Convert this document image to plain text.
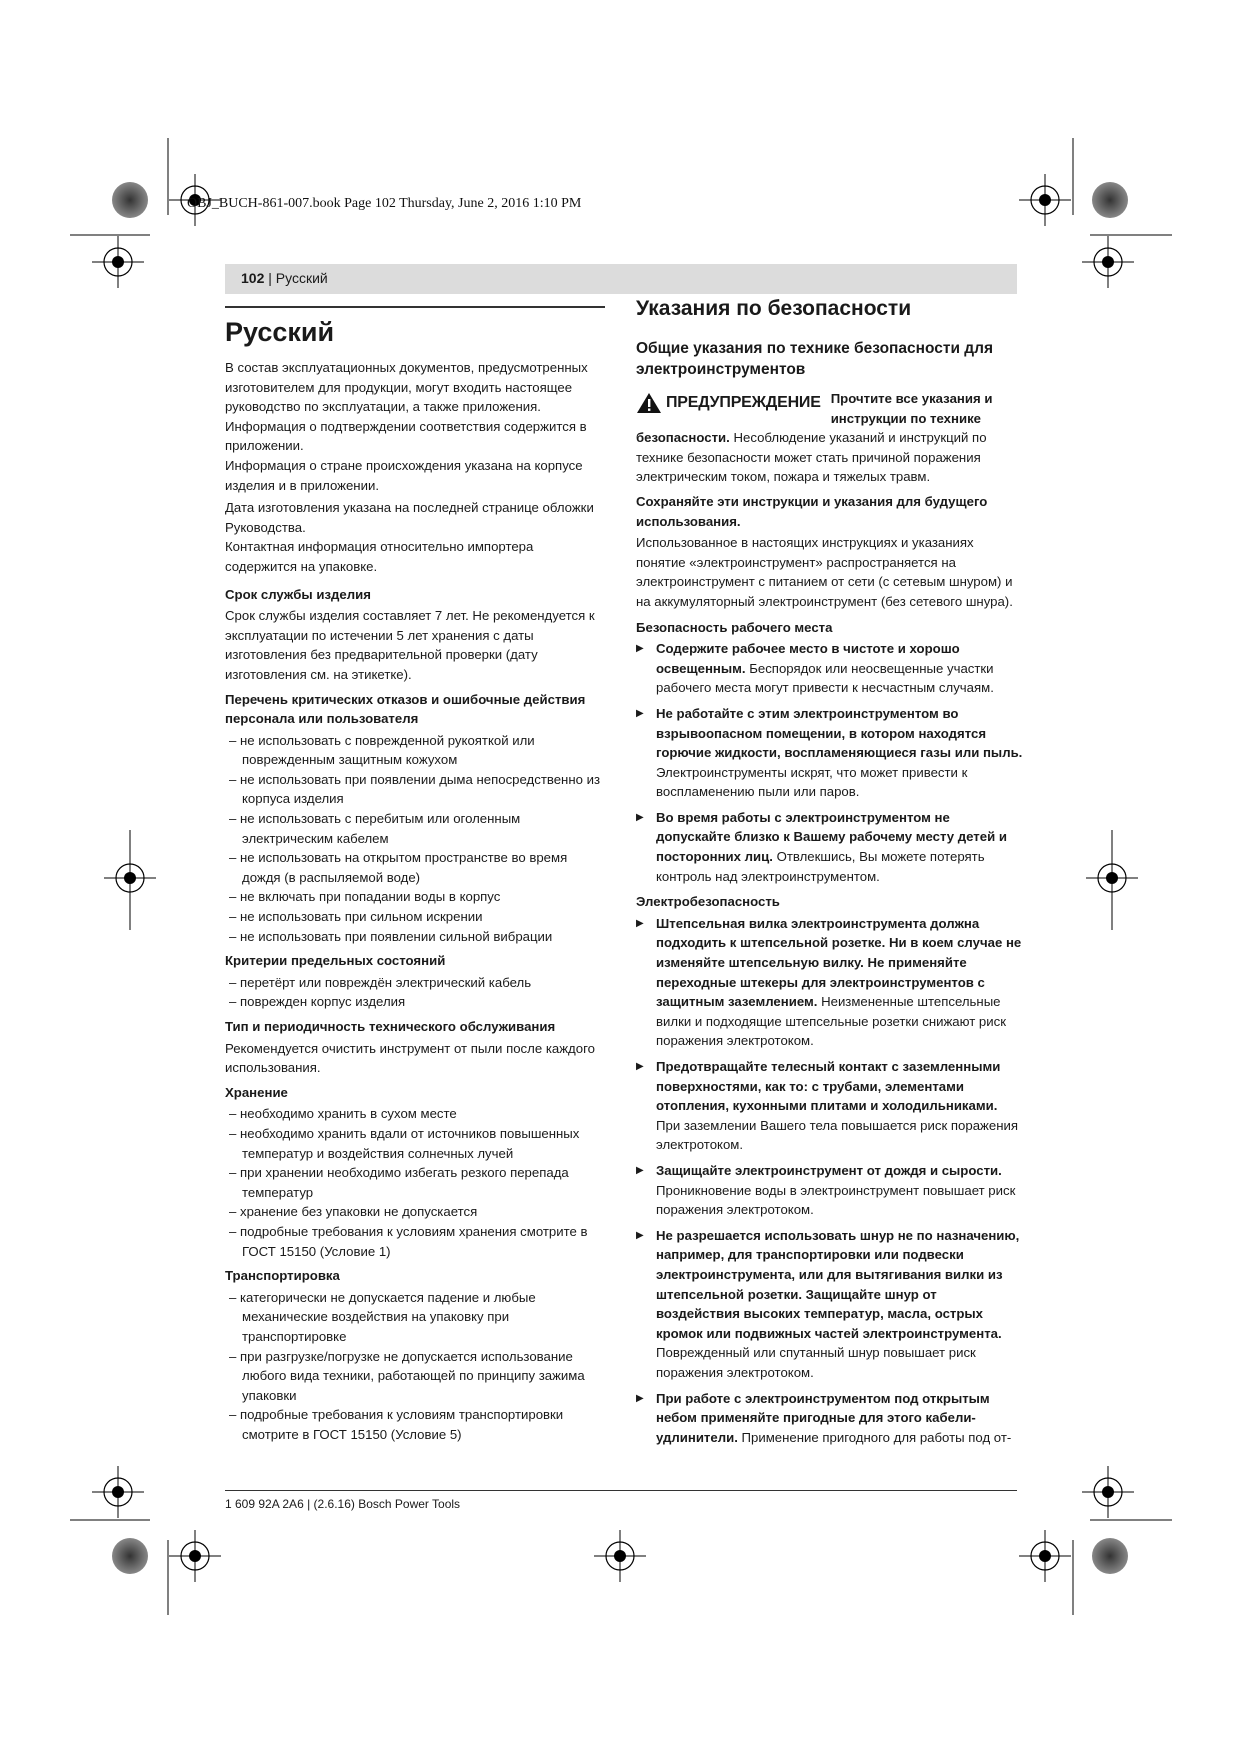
OBJ_BUCH-861-007.book Page 102 Thursday, June 2, 2016 1:10 PM
102 | Русский
Русский

В состав эксплуатационных документов, предусмотренных изготовителем для продукции, могут входить настоящее руководство по эксплуатации, а также приложения.

Информация о подтверждении соответствия содержится в приложении.

Информация о стране происхождения указана на корпусе изделия и в приложении.

Дата изготовления указана на последней странице обложки Руководства.

Контактная информация относительно импортера содержится на упаковке.

Срок службы изделия

Срок службы изделия составляет 7 лет. Не рекомендуется к эксплуатации по истечении 5 лет хранения с даты изготовления без предварительной проверки (дату изготовления см. на этикетке).

Перечень критических отказов и ошибочные действия персонала или пользователя
– не использовать с поврежденной рукояткой или поврежденным защитным кожухом
– не использовать при появлении дыма непосредственно из корпуса изделия
– не использовать с перебитым или оголенным электрическим кабелем
– не использовать на открытом пространстве во время дождя (в распыляемой воде)
– не включать при попадании воды в корпус
– не использовать при сильном искрении
– не использовать при появлении сильной вибрации
Критерии предельных состояний
– перетёрт или повреждён электрический кабель
– поврежден корпус изделия
Тип и периодичность технического обслуживания

Рекомендуется очистить инструмент от пыли после каждого использования.

Хранение
– необходимо хранить в сухом месте
– необходимо хранить вдали от источников повышенных температур и воздействия солнечных лучей
– при хранении необходимо избегать резкого перепада температур
– хранение без упаковки не допускается
– подробные требования к условиям хранения смотрите в ГОСТ 15150 (Условие 1)
Транспортировка
– категорически не допускается падение и любые механические воздействия на упаковку при транспортировке
– при разгрузке/погрузке не допускается использование любого вида техники, работающей по принципу зажима упаковки
– подробные требования к условиям транспортировки смотрите в ГОСТ 15150 (Условие 5)
Указания по безопасности
Общие указания по технике безопасности для электроинструментов
ПРЕДУПРЕЖДЕНИЕ Прочтите все указания и инструкции по технике безопасности. Несоблюдение указаний и инструкций по технике безопасности может стать причиной поражения электрическим током, пожара и тяжелых травм.
Сохраняйте эти инструкции и указания для будущего использования.

Использованное в настоящих инструкциях и указаниях понятие «электроинструмент» распространяется на электроинструмент с питанием от сети (с сетевым шнуром) и на аккумуляторный электроинструмент (без сетевого шнура).

Безопасность рабочего места
▶ Содержите рабочее место в чистоте и хорошо освещенным. Беспорядок или неосвещенные участки рабочего места могут привести к несчастным случаям.
▶ Не работайте с этим электроинструментом во взрывоопасном помещении, в котором находятся горючие жидкости, воспламеняющиеся газы или пыль. Электроинструменты искрят, что может привести к воспламенению пыли или паров.
▶ Во время работы с электроинструментом не допускайте близко к Вашему рабочему месту детей и посторонних лиц. Отвлекшись, Вы можете потерять контроль над электроинструментом.
Электробезопасность
▶ Штепсельная вилка электроинструмента должна подходить к штепсельной розетке. Ни в коем случае не изменяйте штепсельную вилку. Не применяйте переходные штекеры для электроинструментов с защитным заземлением. Неизмененные штепсельные вилки и подходящие штепсельные розетки снижают риск поражения электротоком.
▶ Предотвращайте телесный контакт с заземленными поверхностями, как то: с трубами, элементами отопления, кухонными плитами и холодильниками. При заземлении Вашего тела повышается риск поражения электротоком.
▶ Защищайте электроинструмент от дождя и сырости. Проникновение воды в электроинструмент повышает риск поражения электротоком.
▶ Не разрешается использовать шнур не по назначению, например, для транспортировки или подвески электроинструмента, или для вытягивания вилки из штепсельной розетки. Защищайте шнур от воздействия высоких температур, масла, острых кромок или подвижных частей электроинструмента. Поврежденный или спутанный шнур повышает риск поражения электротоком.
▶ При работе с электроинструментом под открытым небом применяйте пригодные для этого кабели-удлинители. Применение пригодного для работы под от-
1 609 92A 2A6 | (2.6.16) Bosch Power Tools
